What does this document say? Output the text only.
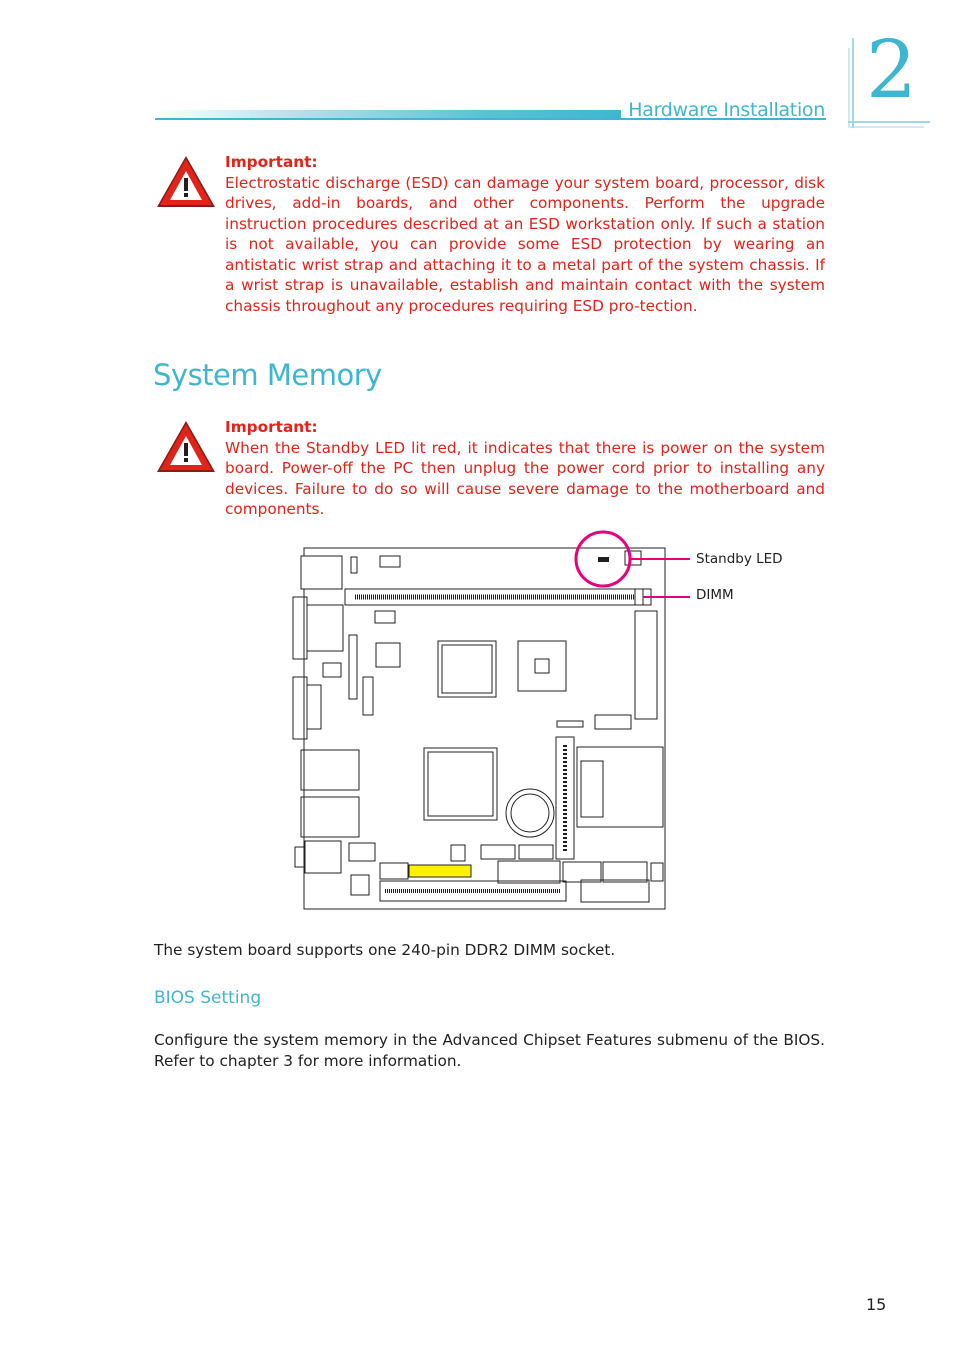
Hardware Installation 2
Important:
Electrostatic discharge (ESD) can damage your system board, processor, disk drives, add-in boards, and other components. Perform the upgrade instruction procedures described at an ESD workstation only. If such a station is not available, you can provide some ESD protection by wearing an antistatic wrist strap and attaching it to a metal part of the system chassis. If a wrist strap is unavailable, establish and maintain contact with the system chassis throughout any procedures requiring ESD pro-tection.
System Memory
Important:
When the Standby LED lit red, it indicates that there is power on the system board. Power-off the PC then unplug the power cord prior to installing any devices. Failure to do so will cause severe damage to the motherboard and components.
Standby LED
DIMM
The system board supports one 240-pin DDR2 DIMM socket.
BIOS Setting
Configure the system memory in the Advanced Chipset Features submenu of the BIOS. Refer to chapter 3 for more information.
15
